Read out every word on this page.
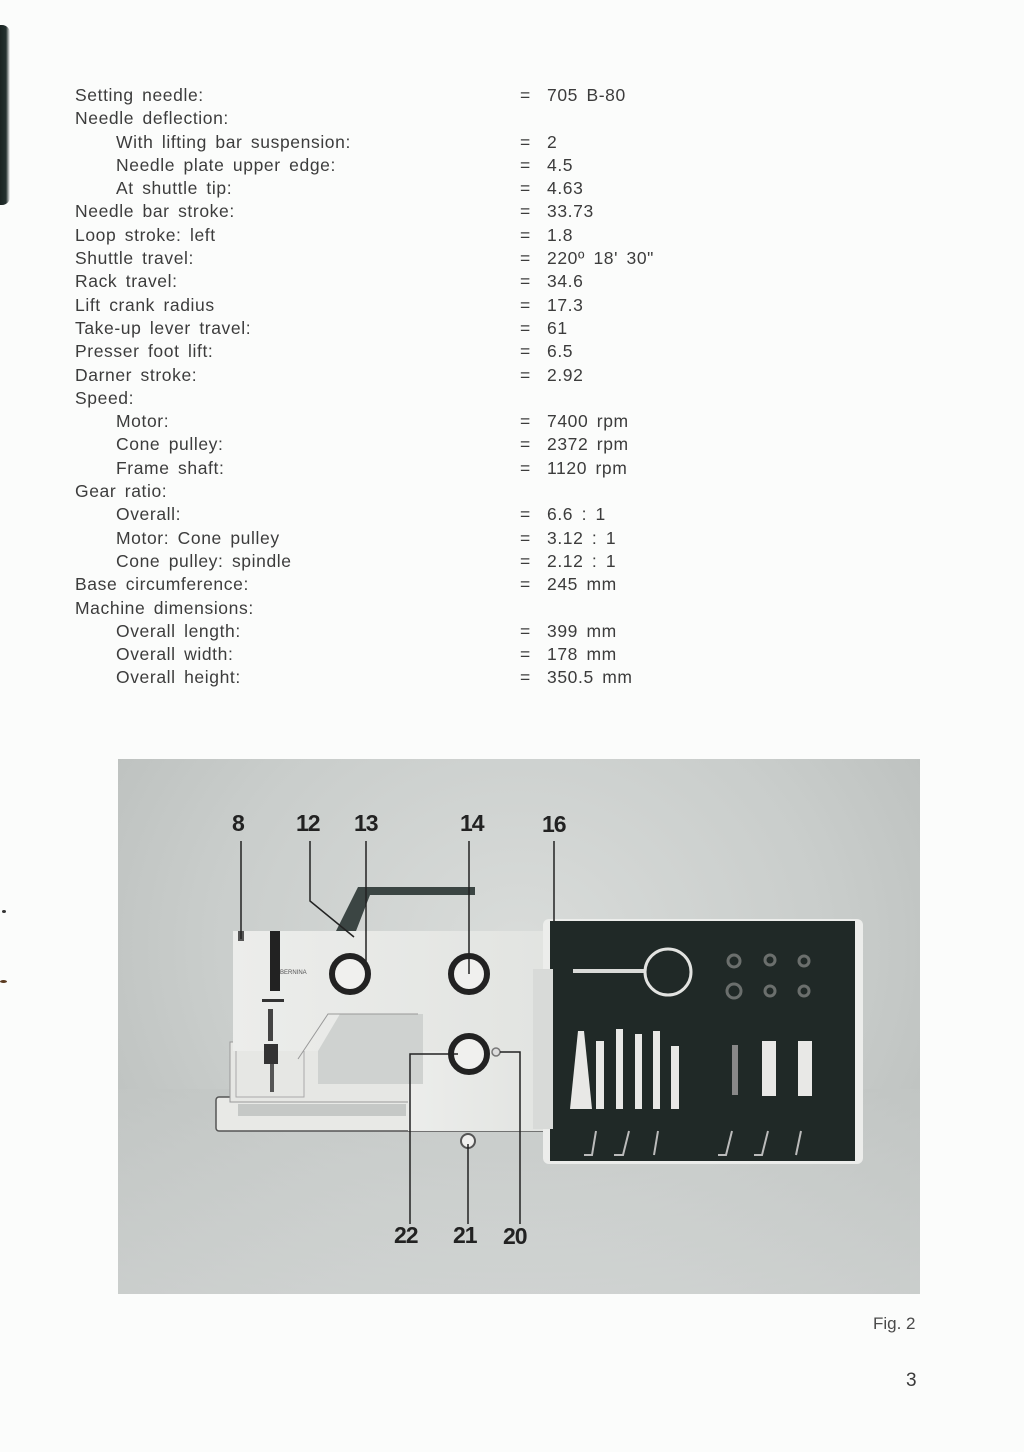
Setting needle:	= 705 B-80
Needle deflection:
With lifting bar suspension:	= 2
Needle plate upper edge:	= 4.5
At shuttle tip:	= 4.63
Needle bar stroke:	= 33.73
Loop stroke: left	= 1.8
Shuttle travel:	= 220º 18' 30"
Rack travel:	= 34.6
Lift crank radius	= 17.3
Take-up lever travel:	= 61
Presser foot lift:	= 6.5
Darner stroke:	= 2.92
Speed:
Motor:	= 7400 rpm
Cone pulley:	= 2372 rpm
Frame shaft:	= 1120 rpm
Gear ratio:
Overall:	= 6.6 : 1
Motor: Cone pulley	= 3.12 : 1
Cone pulley: spindle	= 2.12 : 1
Base circumference:	= 245 mm
Machine dimensions:
Overall length:	= 399 mm
Overall width:	= 178 mm
Overall height:	= 350.5 mm
BERNINA
8 12 13	14	16
22 21 20
Fig. 2
3
